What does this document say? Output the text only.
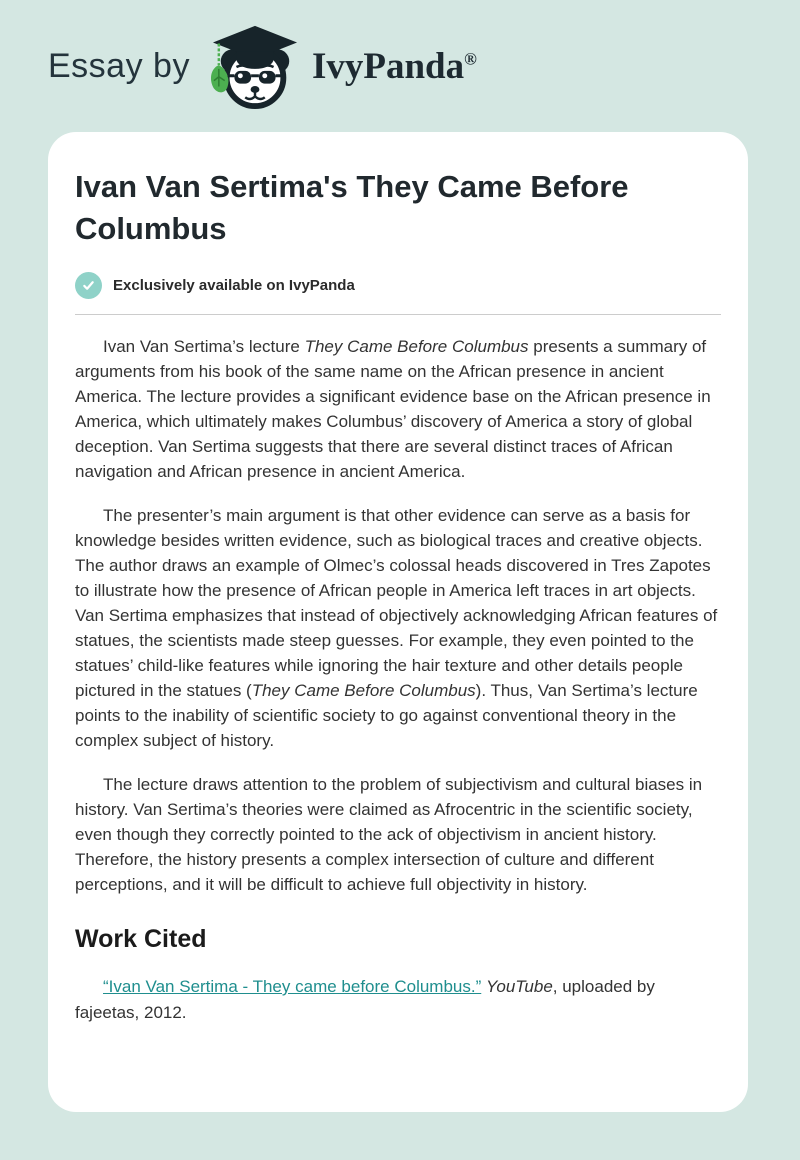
Essay by	IvyPanda®
Ivan Van Sertima's They Came Before Columbus
Exclusively available on IvyPanda

Ivan Van Sertima’s lecture They Came Before Columbus presents a summary of arguments from his book of the same name on the African presence in ancient America. The lecture provides a significant evidence base on the African presence in America, which ultimately makes Columbus’ discovery of America a story of global deception. Van Sertima suggests that there are several distinct traces of African navigation and African presence in ancient America.

The presenter’s main argument is that other evidence can serve as a basis for knowledge besides written evidence, such as biological traces and creative objects. The author draws an example of Olmec’s colossal heads discovered in Tres Zapotes to illustrate how the presence of African people in America left traces in art objects. Van Sertima emphasizes that instead of objectively acknowledging African features of statues, the scientists made steep guesses. For example, they even pointed to the statues’ child-like features while ignoring the hair texture and other details people pictured in the statues (They Came Before Columbus). Thus, Van Sertima’s lecture points to the inability of scientific society to go against conventional theory in the complex subject of history.

The lecture draws attention to the problem of subjectivism and cultural biases in history. Van Sertima’s theories were claimed as Afrocentric in the scientific society, even though they correctly pointed to the ack of objectivism in ancient history. Therefore, the history presents a complex intersection of culture and different perceptions, and it will be difficult to achieve full objectivity in history.

Work Cited

“Ivan Van Sertima - They came before Columbus.” YouTube, uploaded by fajeetas, 2012.
